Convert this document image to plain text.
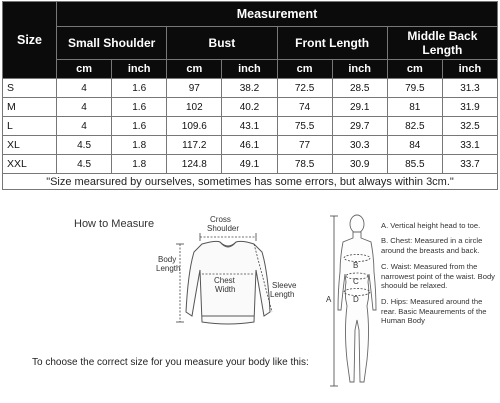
Size	Measurement							
	Small Shoulder		Bust		Front Length		Middle Back Length	
	cm	inch	cm	inch	cm	inch	cm	inch
S	4	1.6	97	38.2	72.5	28.5	79.5	31.3
M	4	1.6	102	40.2	74	29.1	81	31.9
L	4	1.6	109.6	43.1	75.5	29.7	82.5	32.5
XL	4.5	1.8	117.2	46.1	77	30.3	84	33.1
XXL	4.5	1.8	124.8	49.1	78.5	30.9	85.5	33.7
"Size mearsured by ourselves, sometimes has some errors, but always within 3cm."								
How to Measure	Cross
Shoulder
Body
Length
Chest
Width	Sleeve
Length
To choose the correct size for you measure your body like this:
A
B
C
D
A. Vertical height head to toe.
B. Chest: Measured in a circle around the breasts and back.
C. Waist: Measured from the narrowest point of the waist. Body shoould be relaxed.
D. Hips: Measured around the rear. Basic Meaurements of the Human Body
